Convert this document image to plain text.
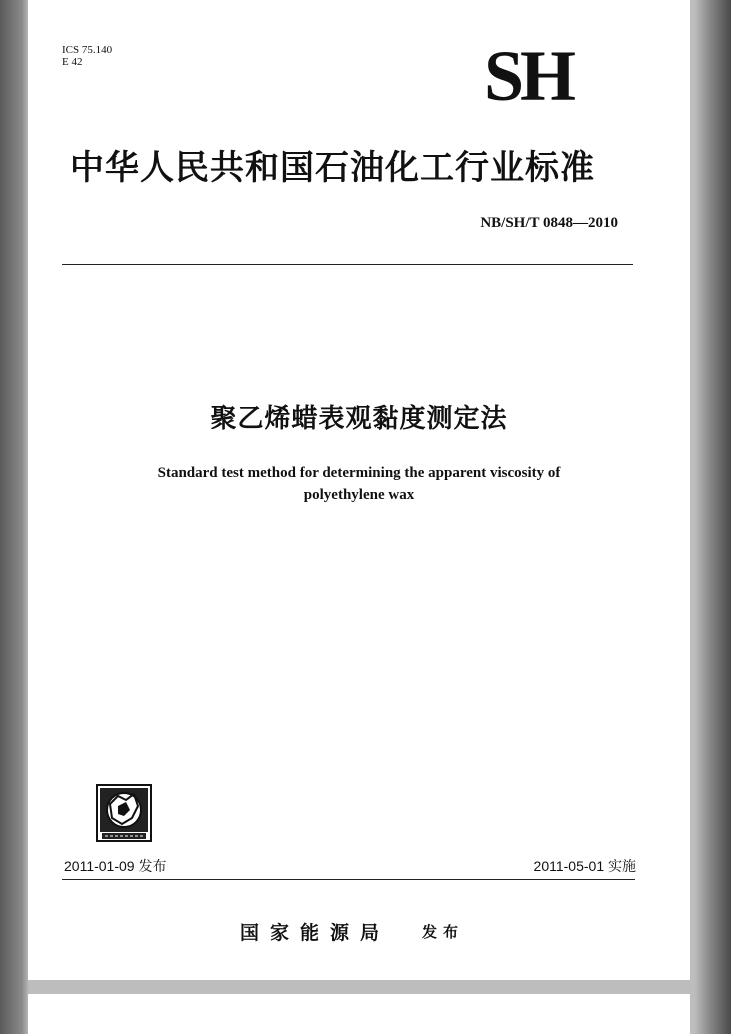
ICS 75.140
E 42	SH
中华人民共和国石油化工行业标准
NB/SH/T 0848—2010
聚乙烯蜡表观黏度测定法
Standard test method for determining the apparent viscosity of
polyethylene wax
2011-01-09 发布	2011-05-01 实施
国家能源局 发布
